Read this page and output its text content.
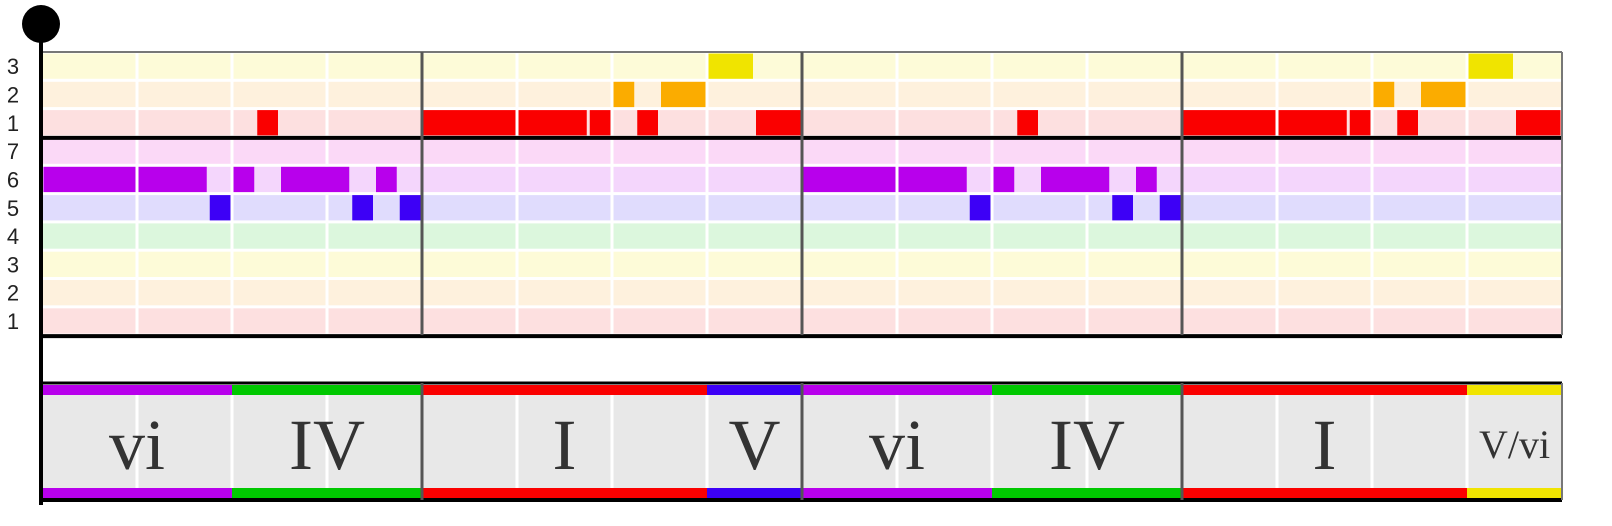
vi IV	I V vi IV	I	V/vi
3
2
1
7
6
5
4
3
2
1
